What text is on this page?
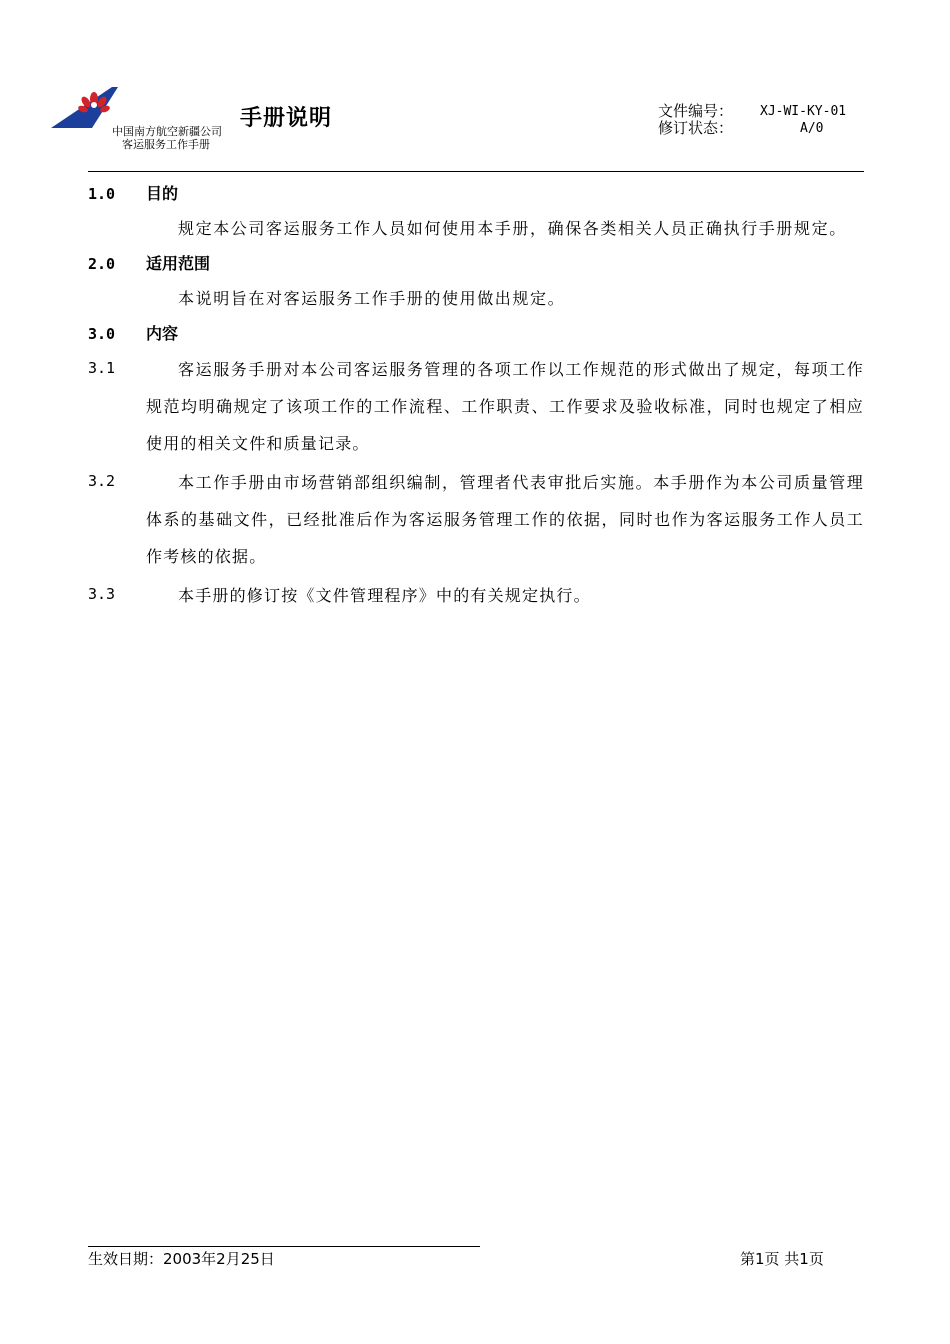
中国南方航空新疆公司
客运服务工作手册
手册说明	文件编号： XJ-WI-KY-01
修订状态：	A/0
1.0 目的
规定本公司客运服务工作人员如何使用本手册，确保各类相关人员正确执行手册规定。
2.0 适用范围
本说明旨在对客运服务工作手册的使用做出规定。
3.0 内容
3.1	客运服务手册对本公司客运服务管理的各项工作以工作规范的形式做出了规定，每项工作规范均明确规定了该项工作的工作流程、工作职责、工作要求及验收标准，同时也规定了相应使用的相关文件和质量记录。
3.2	本工作手册由市场营销部组织编制，管理者代表审批后实施。本手册作为本公司质量管理体系的基础文件，已经批准后作为客运服务管理工作的依据，同时也作为客运服务工作人员工作考核的依据。
3.3	本手册的修订按《文件管理程序》中的有关规定执行。
生效日期：2003年2月25日	第1页 共1页
